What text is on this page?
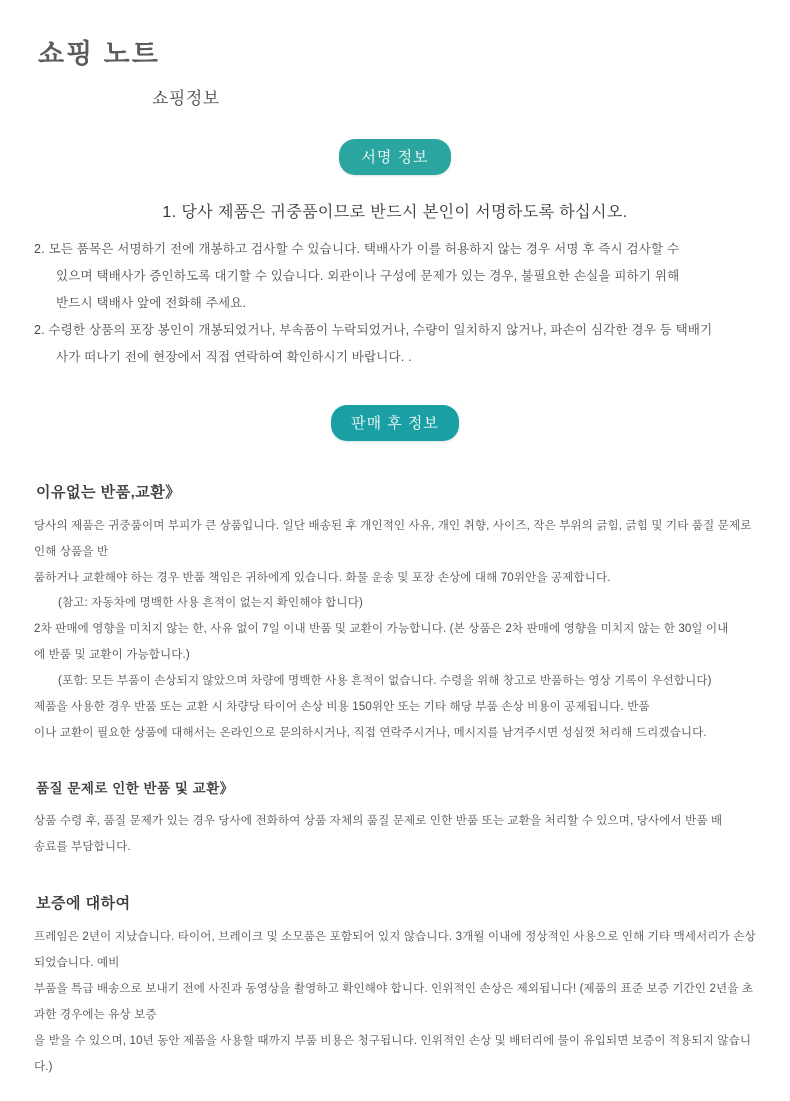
쇼핑 노트
쇼핑정보
서명 정보
1. 당사 제품은 귀중품이므로 반드시 본인이 서명하도록 하십시오.

2. 모든 품목은 서명하기 전에 개봉하고 검사할 수 있습니다. 택배사가 이를 허용하지 않는 경우 서명 후 즉시 검사할 수

있으며 택배사가 증인하도록 대기할 수 있습니다. 외관이나 구성에 문제가 있는 경우, 불필요한 손실을 피하기 위해

반드시 택배사 앞에 전화해 주세요.

2. 수령한 상품의 포장 봉인이 개봉되었거나, 부속품이 누락되었거나, 수량이 일치하지 않거나, 파손이 심각한 경우 등 택배기

사가 떠나기 전에 현장에서 직접 연락하여 확인하시기 바랍니다. .

판매 후 정보
이유없는 반품,교환》

당사의 제품은 귀중품이며 부피가 큰 상품입니다. 일단 배송된 후 개인적인 사유, 개인 취향, 사이즈, 작은 부위의 긁힘, 긁힘 및 기타 품질 문제로 인해 상품을 반

품하거나 교환해야 하는 경우 반품 책임은 귀하에게 있습니다. 화물 운송 및 포장 손상에 대해 70위안을 공제합니다.

(참고: 자동차에 명백한 사용 흔적이 없는지 확인해야 합니다)

2차 판매에 영향을 미치지 않는 한, 사유 없이 7일 이내 반품 및 교환이 가능합니다. (본 상품은 2차 판매에 영향을 미치지 않는 한 30일 이내

에 반품 및 교환이 가능합니다.)

(포함: 모든 부품이 손상되지 않았으며 차량에 명백한 사용 흔적이 없습니다. 수령을 위해 창고로 반품하는 영상 기록이 우선합니다)

제품을 사용한 경우 반품 또는 교환 시 차량당 타이어 손상 비용 150위안 또는 기타 해당 부품 손상 비용이 공제됩니다. 반품

이나 교환이 필요한 상품에 대해서는 온라인으로 문의하시거나, 직접 연락주시거나, 메시지를 남겨주시면 성심껏 처리해 드리겠습니다.

품질 문제로 인한 반품 및 교환》

상품 수령 후, 품질 문제가 있는 경우 당사에 전화하여 상품 자체의 품질 문제로 인한 반품 또는 교환을 처리할 수 있으며, 당사에서 반품 배

송료를 부담합니다.

보증에 대하여

프레임은 2년이 지났습니다. 타이어, 브레이크 및 소모품은 포함되어 있지 않습니다. 3개월 이내에 정상적인 사용으로 인해 기타 맥세서리가 손상되었습니다. 예비

부품을 특급 배송으로 보내기 전에 사진과 동영상을 촬영하고 확인해야 합니다. 인위적인 손상은 제외됩니다! (제품의 표준 보증 기간인 2년을 초과한 경우에는 유상 보증

을 받을 수 있으며, 10년 동안 제품을 사용할 때까지 부품 비용은 청구됩니다. 인위적인 손상 및 배터리에 물이 유입되면 보증이 적용되지 않습니다.)
